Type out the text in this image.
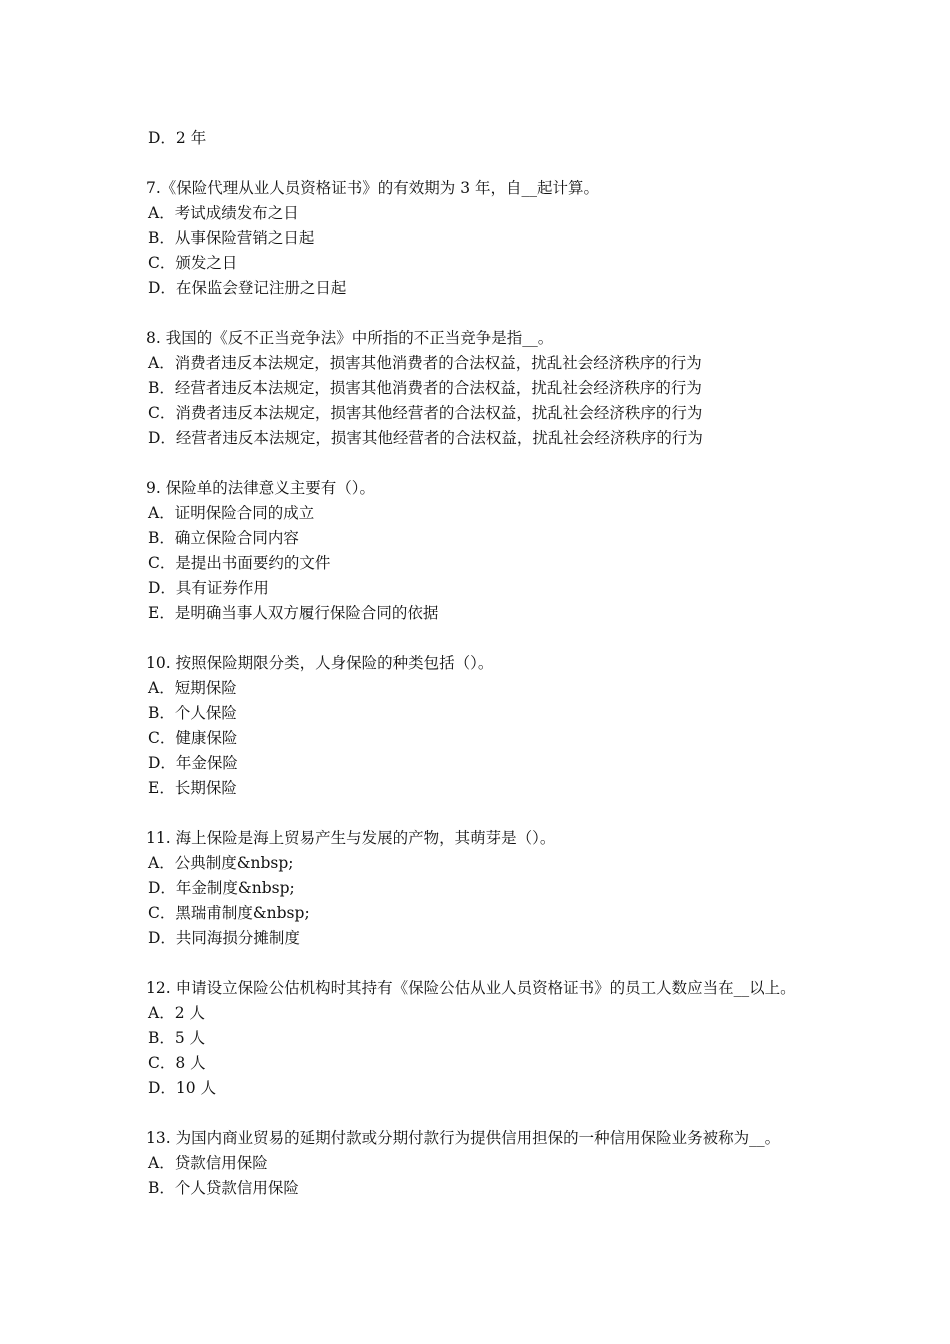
D．2 年

7.《保险代理从业人员资格证书》的有效期为 3 年，自__起计算。

A．考试成绩发布之日

B．从事保险营销之日起

C．颁发之日

D．在保监会登记注册之日起

8. 我国的《反不正当竞争法》中所指的不正当竞争是指__。

A．消费者违反本法规定，损害其他消费者的合法权益，扰乱社会经济秩序的行为

B．经营者违反本法规定，损害其他消费者的合法权益，扰乱社会经济秩序的行为

C．消费者违反本法规定，损害其他经营者的合法权益，扰乱社会经济秩序的行为

D．经营者违反本法规定，损害其他经营者的合法权益，扰乱社会经济秩序的行为

9. 保险单的法律意义主要有（）。

A．证明保险合同的成立

B．确立保险合同内容

C．是提出书面要约的文件

D．具有证券作用

E．是明确当事人双方履行保险合同的依据

10. 按照保险期限分类，人身保险的种类包括（）。

A．短期保险

B．个人保险

C．健康保险

D．年金保险

E．长期保险

11. 海上保险是海上贸易产生与发展的产物，其萌芽是（）。

A．公典制度&nbsp;

D．年金制度&nbsp;

C．黑瑞甫制度&nbsp;

D．共同海损分摊制度

12. 申请设立保险公估机构时其持有《保险公估从业人员资格证书》的员工人数应当在__以上。

A．2 人

B．5 人

C．8 人

D．10 人

13. 为国内商业贸易的延期付款或分期付款行为提供信用担保的一种信用保险业务被称为__。

A．贷款信用保险

B．个人贷款信用保险
